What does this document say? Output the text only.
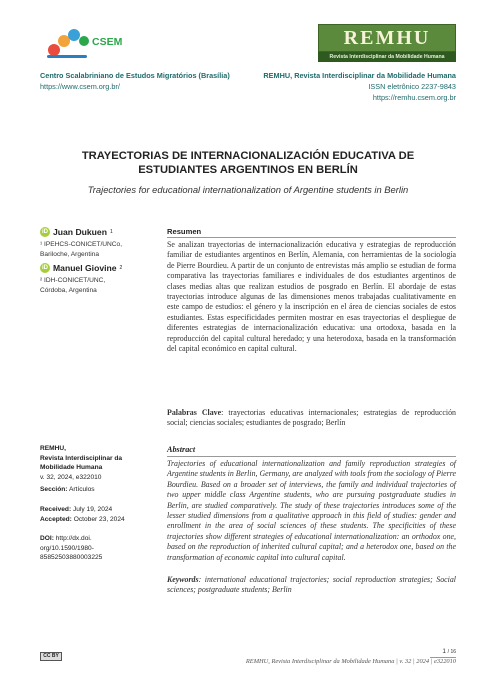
CSEM	REMHU
Revista Interdisciplinar da Mobilidade Humana
Centro Scalabriniano de Estudos Migratórios (Brasília)
https://www.csem.org.br/
REMHU, Revista Interdisciplinar da Mobilidade Humana
ISSN eletrônico 2237-9843
https://remhu.csem.org.br
TRAYECTORIAS DE INTERNACIONALIZACIÓN EDUCATIVA DE
ESTUDIANTES ARGENTINOS EN BERLÍN
Trajectories for educational internationalization of Argentine students in Berlin
iD Juan Dukuen 1
¹ IPEHCS-CONICET/UNCo,
Bariloche, Argentina
iD Manuel Giovine 2
² IDH-CONICET/UNC,
Córdoba, Argentina
REMHU,
Revista Interdisciplinar da
Mobilidade Humana
v. 32, 2024, e322010
Sección: Artículos
Received: July 19, 2024
Accepted: October 23, 2024
DOI: http://dx.doi.
org/10.1590/1980-
85852503880003225
Resumen

Se analizan trayectorias de internacionalización educativa y estrategias de reproducción familiar de estudiantes argentinos en Berlín, Alemania, con herramientas de la sociología de Pierre Bourdieu. A partir de un conjunto de entrevistas más amplio se estudian de forma comparativa las trayectorias familiares e individuales de dos estudiantes argentinos de clases medias altas que realizan estudios de posgrado en Berlín. El abordaje de estas trayectorias introduce algunas de las dimensiones menos trabajadas cualitativamente en este campo de estudios: el género y la inscripción en el área de ciencias sociales de estos estudiantes. Estas especificidades permiten mostrar en esas trayectorias el despliegue de diferentes estrategias de internacionalización educativa: una ortodoxa, basada en la reproducción del capital cultural heredado; y una heterodoxa, basada en la transformación del capital económico en capital cultural.

Palabras Clave: trayectorias educativas internacionales; estrategias de reproducción social; ciencias sociales; estudiantes de posgrado; Berlín

Abstract

Trajectories of educational internationalization and family reproduction strategies of Argentine students in Berlin, Germany, are analyzed with tools from the sociology of Pierre Bourdieu. Based on a broader set of interviews, the family and individual trajectories of two upper middle class Argentine students, who are pursuing postgraduate studies in Berlin, are studied comparatively. The study of these trajectories introduces some of the lesser studied dimensions from a qualitative approach in this field of studies: gender and enrollment in the area of social sciences of these students. The specificities of these trajectories show different strategies of educational internationalization: an orthodox one, based on the reproduction of inherited cultural capital; and a heterodox one, based on the transformation of economic capital into cultural capital.

Keywords: international educational trajectories; social reproduction strategies; Social sciences; postgraduate students; Berlin

CC BY
1 / 16
REMHU, Revista Interdisciplinar da Mobilidade Humana | v. 32 | 2024 | e322010
